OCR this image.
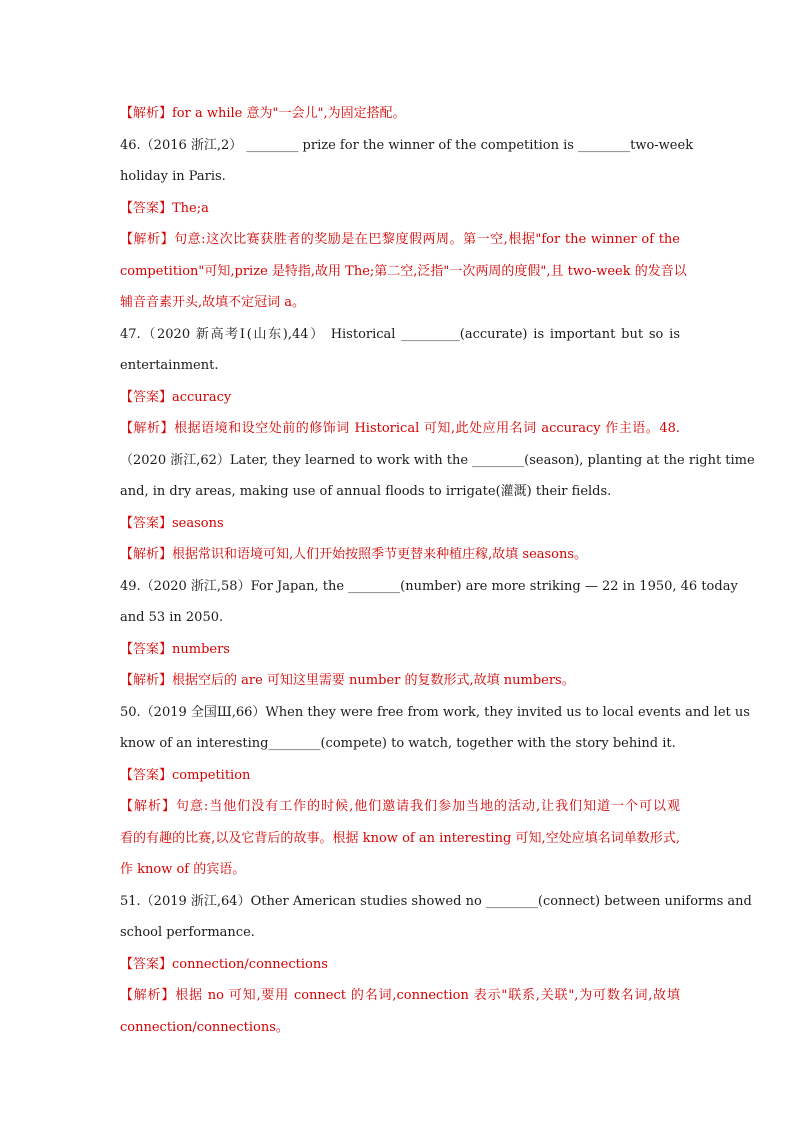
【解析】for a while 意为"一会儿",为固定搭配。
46.（2016 浙江,2） ________ prize for the winner of the competition is ________two-week
holiday in Paris.
【答案】The;a
【解析】句意:这次比赛获胜者的奖励是在巴黎度假两周。第一空,根据"for the winner of the
competition"可知,prize 是特指,故用 The;第二空,泛指"一次两周的度假",且 two-week 的发音以
辅音音素开头,故填不定冠词 a。
47.（2020 新高考Ⅰ(山东),44） Historical _________(accurate) is important but so is
entertainment.
【答案】accuracy
【解析】根据语境和设空处前的修饰词 Historical 可知,此处应用名词 accuracy 作主语。48.
（2020 浙江,62）Later, they learned to work with the ________(season), planting at the right time
and, in dry areas, making use of annual floods to irrigate(灌溉) their fields.
【答案】seasons
【解析】根据常识和语境可知,人们开始按照季节更替来种植庄稼,故填 seasons。
49.（2020 浙江,58）For Japan, the ________(number) are more striking — 22 in 1950, 46 today
and 53 in 2050.
【答案】numbers
【解析】根据空后的 are 可知这里需要 number 的复数形式,故填 numbers。
50.（2019 全国Ш,66）When they were free from work, they invited us to local events and let us
know of an interesting________(compete) to watch, together with the story behind it.
【答案】competition
【解析】句意:当他们没有工作的时候,他们邀请我们参加当地的活动,让我们知道一个可以观
看的有趣的比赛,以及它背后的故事。根据 know of an interesting 可知,空处应填名词单数形式,
作 know of 的宾语。
51.（2019 浙江,64）Other American studies showed no ________(connect) between uniforms and
school performance.
【答案】connection/connections
【解析】根据 no 可知,要用 connect 的名词,connection 表示"联系,关联",为可数名词,故填
connection/connections。
